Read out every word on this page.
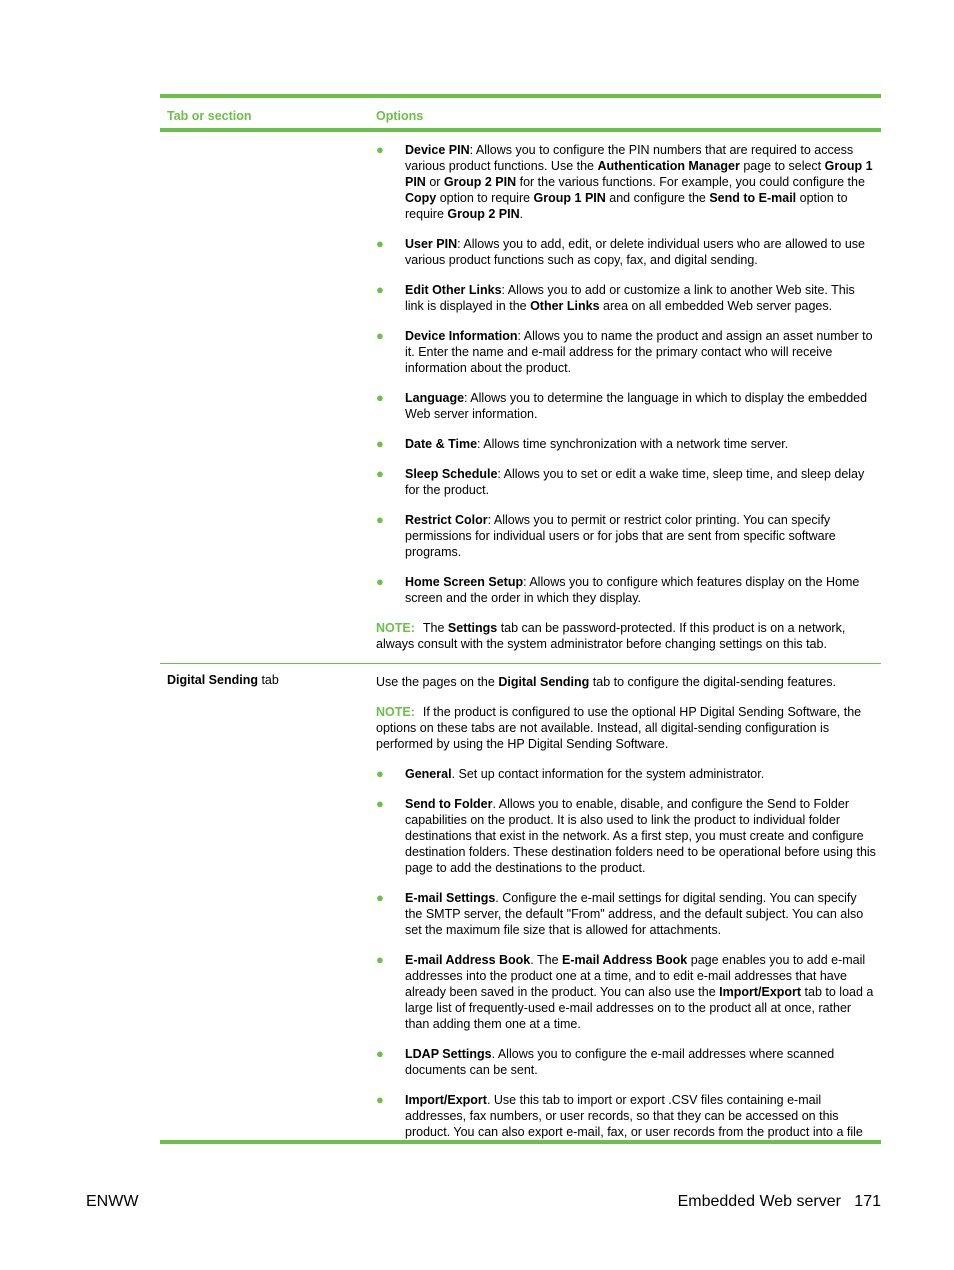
Tab or section	Options
● Device PIN: Allows you to configure the PIN numbers that are required to access various product functions. Use the Authentication Manager page to select Group 1 PIN or Group 2 PIN for the various functions. For example, you could configure the Copy option to require Group 1 PIN and configure the Send to E-mail option to require Group 2 PIN.
● User PIN: Allows you to add, edit, or delete individual users who are allowed to use various product functions such as copy, fax, and digital sending.
● Edit Other Links: Allows you to add or customize a link to another Web site. This link is displayed in the Other Links area on all embedded Web server pages.
● Device Information: Allows you to name the product and assign an asset number to it. Enter the name and e-mail address for the primary contact who will receive information about the product.
● Language: Allows you to determine the language in which to display the embedded Web server information.
● Date & Time: Allows time synchronization with a network time server.
● Sleep Schedule: Allows you to set or edit a wake time, sleep time, and sleep delay for the product.
● Restrict Color: Allows you to permit or restrict color printing. You can specify permissions for individual users or for jobs that are sent from specific software programs.
● Home Screen Setup: Allows you to configure which features display on the Home screen and the order in which they display.

NOTE: The Settings tab can be password-protected. If this product is on a network, always consult with the system administrator before changing settings on this tab.

Digital Sending tab	Use the pages on the Digital Sending tab to configure the digital-sending features.

NOTE: If the product is configured to use the optional HP Digital Sending Software, the options on these tabs are not available. Instead, all digital-sending configuration is performed by using the HP Digital Sending Software.

● General. Set up contact information for the system administrator.
● Send to Folder. Allows you to enable, disable, and configure the Send to Folder capabilities on the product. It is also used to link the product to individual folder destinations that exist in the network. As a first step, you must create and configure destination folders. These destination folders need to be operational before using this page to add the destinations to the product.
● E-mail Settings. Configure the e-mail settings for digital sending. You can specify the SMTP server, the default "From" address, and the default subject. You can also set the maximum file size that is allowed for attachments.
● E-mail Address Book. The E-mail Address Book page enables you to add e-mail addresses into the product one at a time, and to edit e-mail addresses that have already been saved in the product. You can also use the Import/Export tab to load a large list of frequently-used e-mail addresses on to the product all at once, rather than adding them one at a time.
● LDAP Settings. Allows you to configure the e-mail addresses where scanned documents can be sent.
● Import/Export. Use this tab to import or export .CSV files containing e-mail addresses, fax numbers, or user records, so that they can be accessed on this product. You can also export e-mail, fax, or user records from the product into a file
ENWW	Embedded Web server 171
